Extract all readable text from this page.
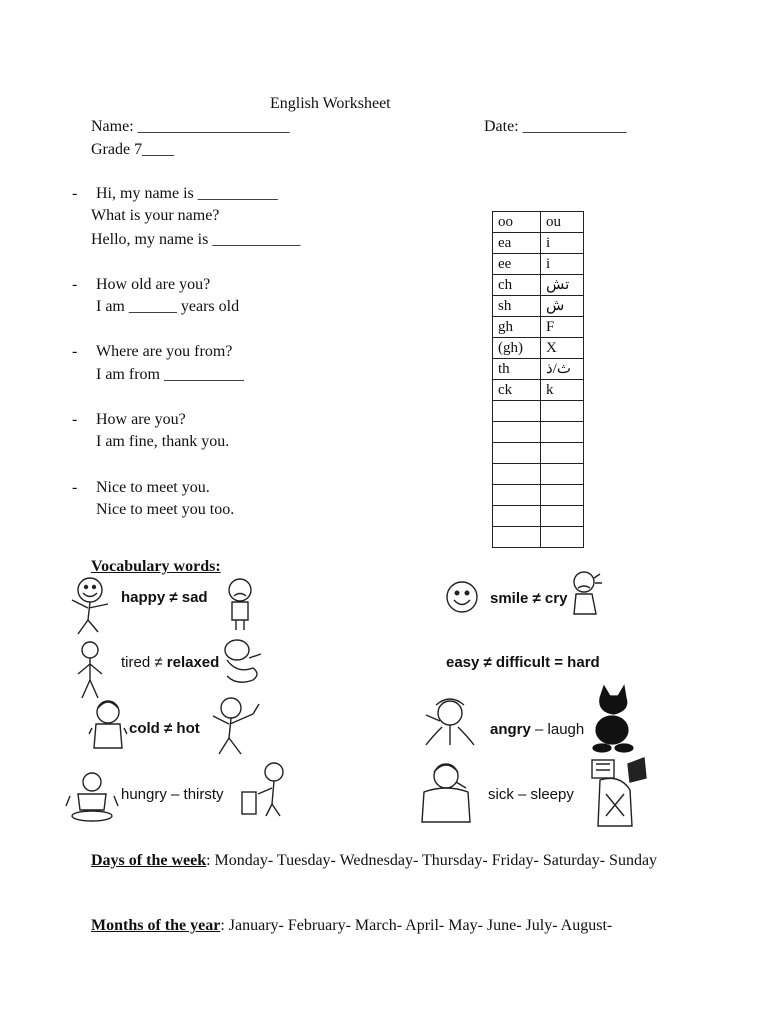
English Worksheet
Name: ___________________	Date: _____________
Grade 7____
- Hi, my name is __________
What is your name?
Hello, my name is ___________
- How old are you?
I am ______ years old
- Where are you from?
I am from __________
- How are you?
I am fine, thank you.
- Nice to meet you.
Nice to meet you too.
oo	ou
ea	i
ee	i
ch	تش
sh	ش
gh	F
(gh)	X
th	ث/ذ
ck	k

Vocabulary words:
happy ≠ sad	smile ≠ cry
tired ≠ relaxed	easy ≠ difficult = hard
cold ≠ hot	angry – laugh
hungry – thirsty	sick – sleepy
Days of the week: Monday- Tuesday- Wednesday- Thursday- Friday- Saturday- Sunday
Months of the year: January- February- March- April- May- June- July- August-
